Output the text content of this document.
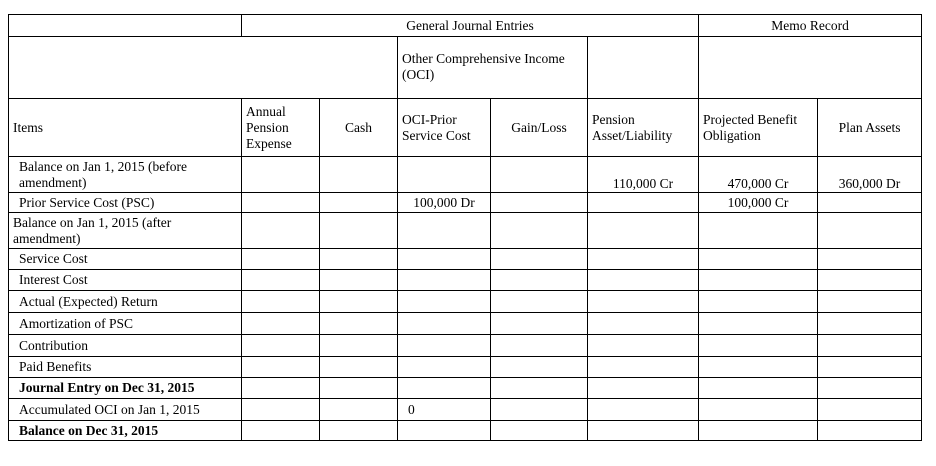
	General Journal Entries					Memo Record	
			Other Comprehensive Income (OCI)				
Items	Annual Pension Expense	Cash	OCI-Prior Service Cost	Gain/Loss	Pension Asset/Liability	Projected Benefit Obligation	Plan Assets
Balance on Jan 1, 2015 (before amendment)					110,000 Cr	470,000 Cr	360,000 Dr
Prior Service Cost (PSC)			100,000 Dr			100,000 Cr	
Balance on Jan 1, 2015 (after amendment)							
Service Cost							
Interest Cost							
Actual (Expected) Return							
Amortization of PSC							
Contribution							
Paid Benefits							
Journal Entry on Dec 31, 2015							
Accumulated OCI on Jan 1, 2015			0				
Balance on Dec 31, 2015							
